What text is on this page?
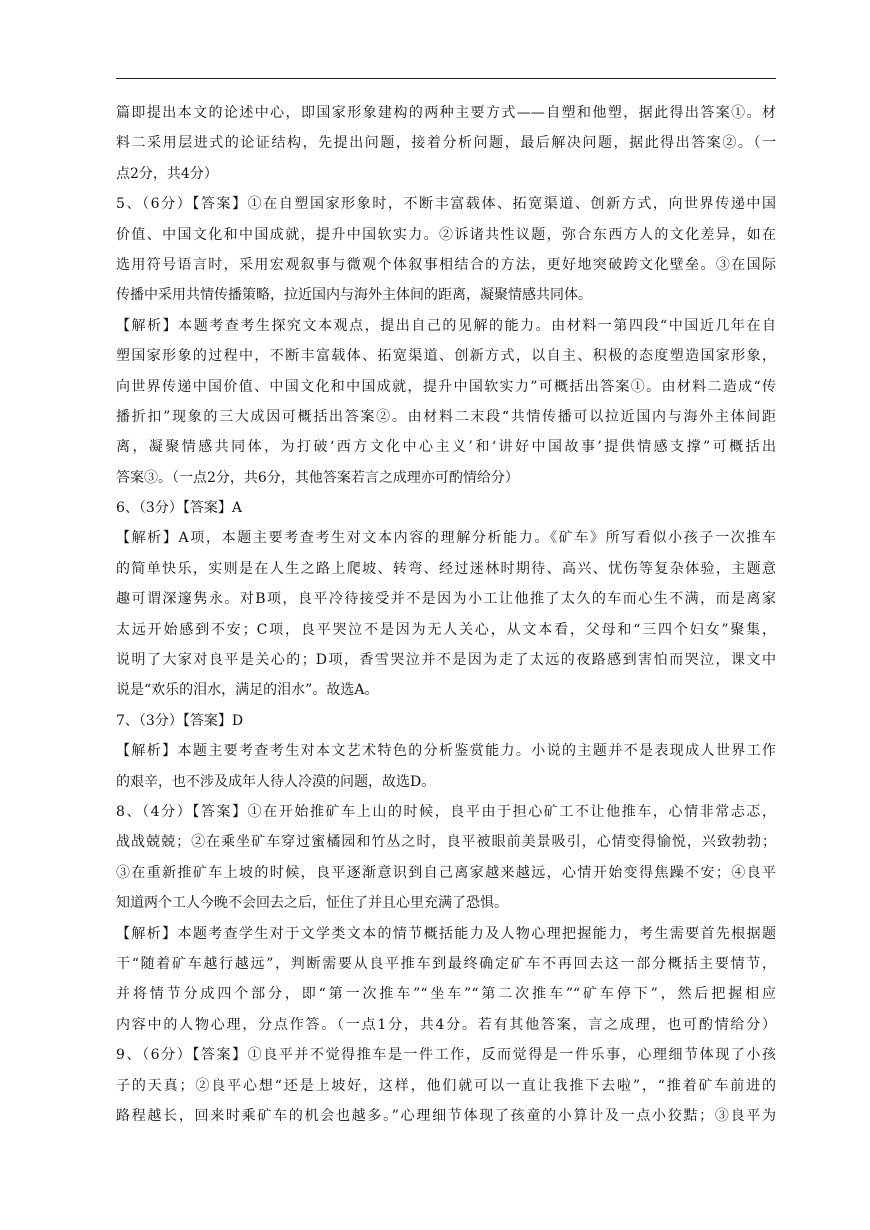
篇即提出本文的论述中心，即国家形象建构的两种主要方式——自塑和他塑，据此得出答案①。材
料二采用层进式的论证结构，先提出问题，接着分析问题，最后解决问题，据此得出答案②。（一
点2分，共4分）
5、（6分）【答案】①在自塑国家形象时，不断丰富载体、拓宽渠道、创新方式，向世界传递中国
价值、中国文化和中国成就，提升中国软实力。②诉诸共性议题，弥合东西方人的文化差异，如在
选用符号语言时，采用宏观叙事与微观个体叙事相结合的方法，更好地突破跨文化壁垒。③在国际
传播中采用共情传播策略，拉近国内与海外主体间的距离，凝聚情感共同体。
【解析】本题考查考生探究文本观点，提出自己的见解的能力。由材料一第四段“中国近几年在自
塑国家形象的过程中，不断丰富载体、拓宽渠道、创新方式，以自主、积极的态度塑造国家形象，
向世界传递中国价值、中国文化和中国成就，提升中国软实力”可概括出答案①。由材料二造成“传
播折扣”现象的三大成因可概括出答案②。由材料二末段“共情传播可以拉近国内与海外主体间距
离，凝聚情感共同体，为打破‘西方文化中心主义’和‘讲好中国故事’提供情感支撑”可概括出
答案③。（一点2分，共6分，其他答案若言之成理亦可酌情给分）
6、（3分）【答案】A
【解析】A项，本题主要考查考生对文本内容的理解分析能力。《矿车》所写看似小孩子一次推车
的简单快乐，实则是在人生之路上爬坡、转弯、经过迷林时期待、高兴、忧伤等复杂体验，主题意
趣可谓深邃隽永。对B项，良平冷待接受并不是因为小工让他推了太久的车而心生不满，而是离家
太远开始感到不安；C项，良平哭泣不是因为无人关心，从文本看，父母和“三四个妇女”聚集，
说明了大家对良平是关心的；D项，香雪哭泣并不是因为走了太远的夜路感到害怕而哭泣，课文中
说是“欢乐的泪水，满足的泪水”。故选A。
7、（3分）【答案】D
【解析】本题主要考查考生对本文艺术特色的分析鉴赏能力。小说的主题并不是表现成人世界工作
的艰辛，也不涉及成年人待人冷漠的问题，故选D。
8、（4分）【答案】①在开始推矿车上山的时候，良平由于担心矿工不让他推车，心情非常忐忑，
战战兢兢；②在乘坐矿车穿过蜜橘园和竹丛之时，良平被眼前美景吸引，心情变得愉悦，兴致勃勃；
③在重新推矿车上坡的时候，良平逐渐意识到自己离家越来越远，心情开始变得焦躁不安；④良平
知道两个工人今晚不会回去之后，怔住了并且心里充满了恐惧。
【解析】本题考查学生对于文学类文本的情节概括能力及人物心理把握能力，考生需要首先根据题
干“随着矿车越行越远”，判断需要从良平推车到最终确定矿车不再回去这一部分概括主要情节，
并将情节分成四个部分，即“第一次推车”“坐车”“第二次推车”“矿车停下”，然后把握相应
内容中的人物心理，分点作答。（一点1分，共4分。若有其他答案，言之成理，也可酌情给分）
9、（6分）【答案】①良平并不觉得推车是一件工作，反而觉得是一件乐事，心理细节体现了小孩
子的天真；②良平心想“还是上坡好，这样，他们就可以一直让我推下去啦”，“推着矿车前进的
路程越长，回来时乘矿车的机会也越多。”心理细节体现了孩童的小算计及一点小狡黠；③良平为
